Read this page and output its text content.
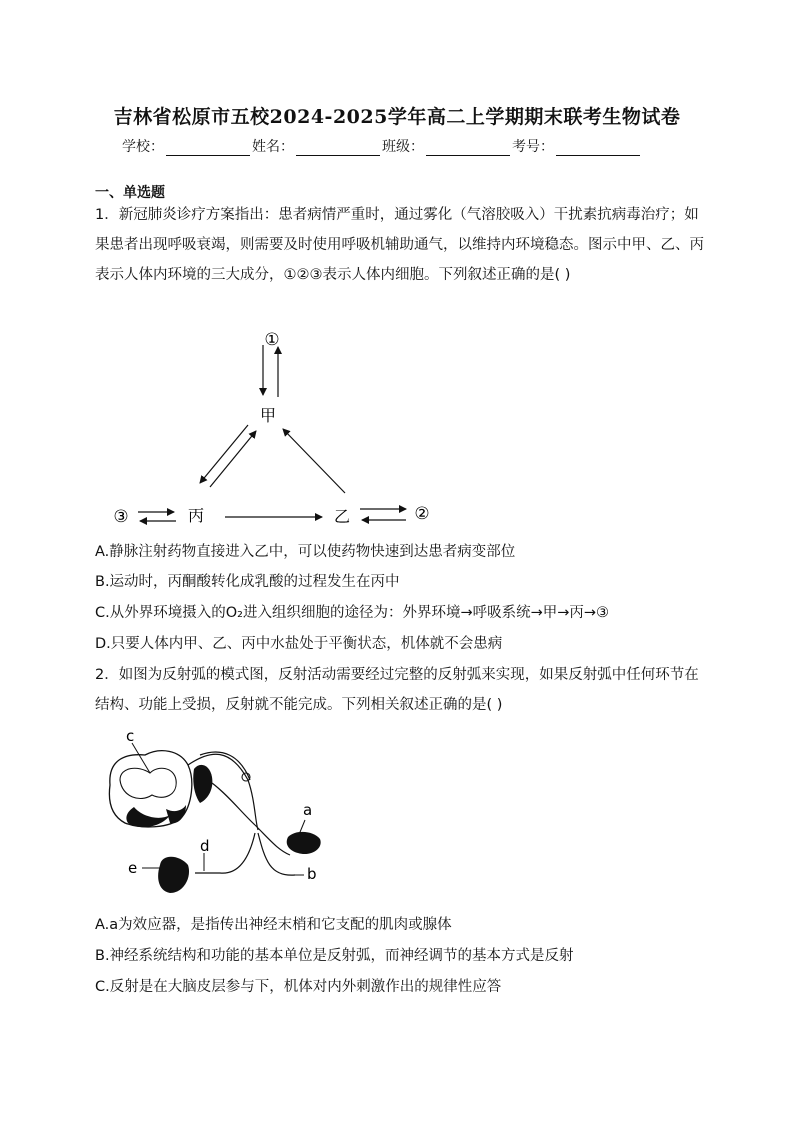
吉林省松原市五校2024-2025学年高二上学期期末联考生物试卷
学校：	姓名：	班级：	考号：
一、单选题
1．新冠肺炎诊疗方案指出：患者病情严重时，通过雾化（气溶胶吸入）干扰素抗病毒治疗；如果患者出现呼吸衰竭，则需要及时使用呼吸机辅助通气，以维持内环境稳态。图示中甲、乙、丙表示人体内环境的三大成分，①②③表示人体内细胞。下列叙述正确的是( )
①
甲
丙	乙
③	②
A.静脉注射药物直接进入乙中，可以使药物快速到达患者病变部位
B.运动时，丙酮酸转化成乳酸的过程发生在丙中
C.从外界环境摄入的O₂进入组织细胞的途径为：外界环境→呼吸系统→甲→丙→③
D.只要人体内甲、乙、丙中水盐处于平衡状态，机体就不会患病
2．如图为反射弧的模式图，反射活动需要经过完整的反射弧来实现，如果反射弧中任何环节在结构、功能上受损，反射就不能完成。下列相关叙述正确的是( )
c
a
d
e	b
A.a为效应器，是指传出神经末梢和它支配的肌肉或腺体
B.神经系统结构和功能的基本单位是反射弧，而神经调节的基本方式是反射
C.反射是在大脑皮层参与下，机体对内外刺激作出的规律性应答
